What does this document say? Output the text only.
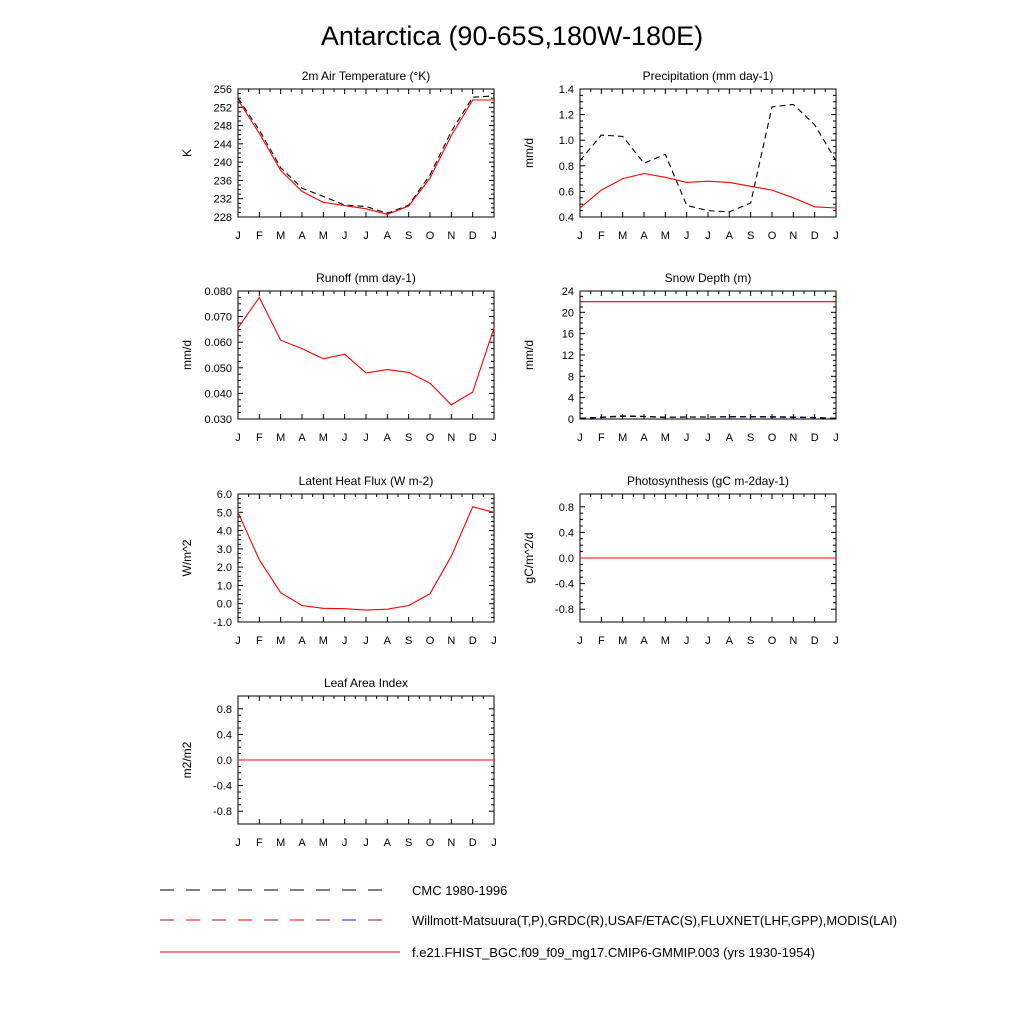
Antarctica (90-65S,180W-180E)
2m Air Temperature (°K)
J F M A M J J A S O N D J
228
232
236
240
244
248
252
256
K
Precipitation (mm day-1)
J F M A M J J A S O N D J
0.4
0.6
0.8
1.0
1.2
1.4
mm/d
Runoff (mm day-1)
J F M A M J J A S O N D J
0.030
0.040
0.050
0.060
0.070
0.080
mm/d
Snow Depth (m)
J F M A M J J A S O N D J
0
4
8
12
16
20
24
mm/d
Latent Heat Flux (W m-2)
J F M A M J J A S O N D J
-1.0
0.0
1.0
2.0
3.0
4.0
5.0
6.0
W/m^2
Photosynthesis (gC m-2day-1)
J F M A M J J A S O N D J
-0.8
-0.4
0.0
0.4
0.8
gC/m^2/d
Leaf Area Index
J F M A M J J A S O N D J
-0.8
-0.4
0.0
0.4
0.8
m2/m2
CMC 1980-1996
Willmott-Matsuura(T,P),GRDC(R),USAF/ETAC(S),FLUXNET(LHF,GPP),MODIS(LAI)
f.e21.FHIST_BGC.f09_f09_mg17.CMIP6-GMMIP.003 (yrs 1930-1954)
